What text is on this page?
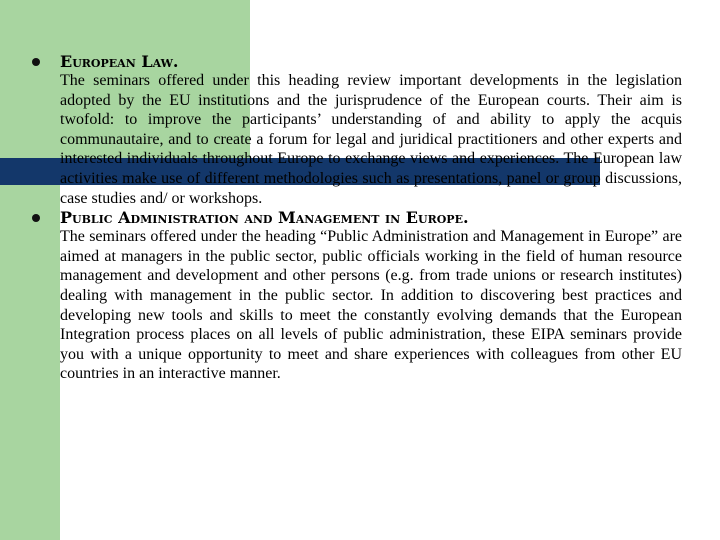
European Law.

The seminars offered under this heading review important developments in the legislation adopted by the EU institutions and the jurisprudence of the European courts. Their aim is twofold: to improve the participants’ understanding of and ability to apply the acquis communautaire, and to create a forum for legal and juridical practitioners and other experts and interested individuals throughout Europe to exchange views and experiences. The European law activities make use of different methodologies such as presentations, panel or group discussions, case studies and/ or workshops.

Public Administration and Management in Europe.

The seminars offered under the heading “Public Administration and Management in Europe” are aimed at managers in the public sector, public officials working in the field of human resource management and development and other persons (e.g. from trade unions or research institutes) dealing with management in the public sector. In addition to discovering best practices and developing new tools and skills to meet the constantly evolving demands that the European Integration process places on all levels of public administration, these EIPA seminars provide you with a unique opportunity to meet and share experiences with colleagues from other EU countries in an interactive manner.
